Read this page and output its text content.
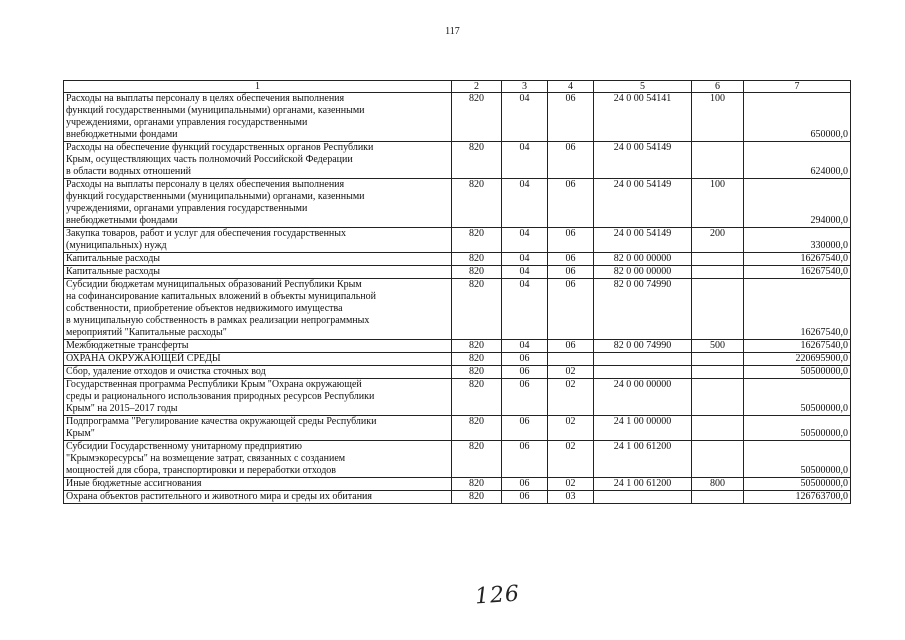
117
1	2	3	4	5	6	7

Расходы на выплаты персоналу в целях обеспечения выполнения
функций государственными (муниципальными) органами, казенными
учреждениями, органами управления государственными
внебюджетными фондами	820	04	06	24 0 00 54141	100	650000,0

Расходы на обеспечение функций государственных органов Республики
Крым, осуществляющих часть полномочий Российской Федерации
в области водных отношений	820	04	06	24 0 00 54149		624000,0

Расходы на выплаты персоналу в целях обеспечения выполнения
функций государственными (муниципальными) органами, казенными
учреждениями, органами управления государственными
внебюджетными фондами	820	04	06	24 0 00 54149	100	294000,0

Закупка товаров, работ и услуг для обеспечения государственных
(муниципальных) нужд	820	04	06	24 0 00 54149	200	330000,0

Капитальные расходы	820	04	06	82 0 00 00000		16267540,0

Капитальные расходы	820	04	06	82 0 00 00000		16267540,0

Субсидии бюджетам муниципальных образований Республики Крым
на софинансирование капитальных вложений в объекты муниципальной
собственности, приобретение объектов недвижимого имущества
в муниципальную собственность в рамках реализации непрограммных
мероприятий "Капитальные расходы"	820	04	06	82 0 00 74990		16267540,0

Межбюджетные трансферты	820	04	06	82 0 00 74990	500	16267540,0

ОХРАНА ОКРУЖАЮЩЕЙ СРЕДЫ	820	06				220695900,0

Сбор, удаление отходов и очистка сточных вод	820	06	02			50500000,0

Государственная программа Республики Крым "Охрана окружающей
среды и рационального использования природных ресурсов Республики
Крым" на 2015–2017 годы	820	06	02	24 0 00 00000		50500000,0

Подпрограмма "Регулирование качества окружающей среды Республики
Крым"	820	06	02	24 1 00 00000		50500000,0

Субсидии Государственному унитарному предприятию
"Крымэкоресурсы" на возмещение затрат, связанных с созданием
мощностей для сбора, транспортировки и переработки отходов	820	06	02	24 1 00 61200		50500000,0

Иные бюджетные ассигнования	820	06	02	24 1 00 61200	800	50500000,0

Охрана объектов растительного и животного мира и среды их обитания	820	06	03			126763700,0
126
